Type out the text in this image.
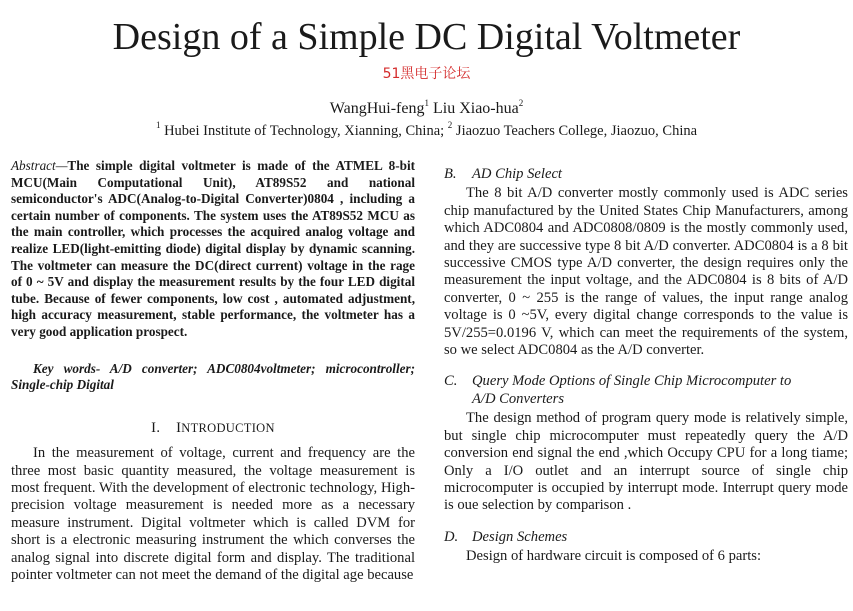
Design of a Simple DC Digital Voltmeter
51黑电子论坛
WangHui-feng$^1$ Liu Xiao-hua$^2$
$^1$ Hubei Institute of Technology, Xianning, China; $^2$ Jiaozuo Teachers College, Jiaozuo, China

Abstract—The simple digital voltmeter is made of the ATMEL 8-bit MCU(Main Computational Unit), AT89S52 and national semiconductor's ADC(Analog-to-Digital Converter)0804 , including a certain number of components. The system uses the AT89S52 MCU as the main controller, which processes the acquired analog voltage and realize LED(light-emitting diode) digital display by dynamic scanning. The voltmeter can measure the DC(direct current) voltage in the rage of 0 ~ 5V and display the measurement results by the four LED digital tube. Because of fewer components, low cost , automated adjustment, high accuracy measurement, stable performance, the voltmeter has a very good application prospect.

Key words- A/D converter; ADC0804voltmeter; microcontroller; Single-chip Digital

I. INTRODUCTION

In the measurement of voltage, current and frequency are the three most basic quantity measured, the voltage measurement is most frequent. With the development of electronic technology, High-precision voltage measurement is needed more as a necessary measure instrument. Digital voltmeter which is called DVM for short is a electronic measuring instrument the which converses the analog signal into discrete digital form and display. The traditional pointer voltmeter can not meet the demand of the digital age because

B. AD Chip Select

The 8 bit A/D converter mostly commonly used is ADC series chip manufactured by the United States Chip Manufacturers, among which ADC0804 and ADC0808/0809 is the mostly commonly used, and they are successive type 8 bit A/D converter. ADC0804 is a 8 bit successive CMOS type A/D converter, the design requires only the measurement the input voltage, and the ADC0804 is 8 bits of A/D converter, 0 ~ 255 is the range of values, the input range analog voltage is 0 ~5V, every digital change corresponds to the value is 5V/255=0.0196 V, which can meet the requirements of the system, so we select ADC0804 as the A/D converter.

C. Query Mode Options of Single Chip Microcomputer to
A/D Converters

The design method of program query mode is relatively simple, but single chip microcomputer must repeatedly query the A/D conversion end signal the end ,which Occupy CPU for a long tiame; Only a I/O outlet and an interrupt source of single chip microcomputer is occupied by interrupt mode. Interrupt query mode is oue selection by comparison .

D. Design Schemes

Design of hardware circuit is composed of 6 parts:
